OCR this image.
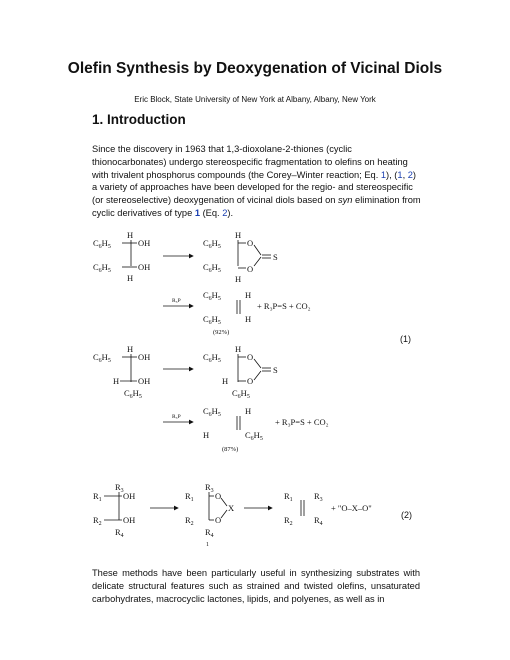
Olefin Synthesis by Deoxygenation of Vicinal Diols
Eric Block, State University of New York at Albany, Albany, New York
1. Introduction
Since the discovery in 1963 that 1,3-dioxolane-2-thiones (cyclic thionocarbonates) undergo stereospecific fragmentation to olefins on heating with trivalent phosphorus compounds (the Corey–Winter reaction; Eq. 1), (1, 2) a variety of approaches have been developed for the regio- and stereospecific (or stereoselective) deoxygenation of vicinal diols based on syn elimination from cyclic derivatives of type 1 (Eq. 2).
$C_6H_5$
H
OH
$C_6H_5$	OH
H
$C_6H_5$
H
O
$C_6H_5$	O
H
S
R₃P
$C_6H_5$	H
$C_6H_5$	H
+ R₃P=S + CO₂
(92%)
$C_6H_5$
H
OH
H OH
$C_6H_5$
$C_6H_5$
H
O
H O
$C_6H_5$
S
R₃P
$C_6H_5$	H
H	$C_6H_5$
+ R₃P=S + CO₂
(87%)
$R_3$
$R_1$	OH
$R_2$	OH
$R_4$
$R_3$
$R_1$	O
X
$R_2$	O
$R_4$
1
$R_1$	$R_3$
$R_2$	$R_4$
+ "O–X–O"
(1)
(2)
These methods have been particularly useful in synthesizing substrates with delicate structural features such as strained and twisted olefins, unsaturated carbohydrates, macrocyclic lactones, lipids, and polyenes, as well as in
